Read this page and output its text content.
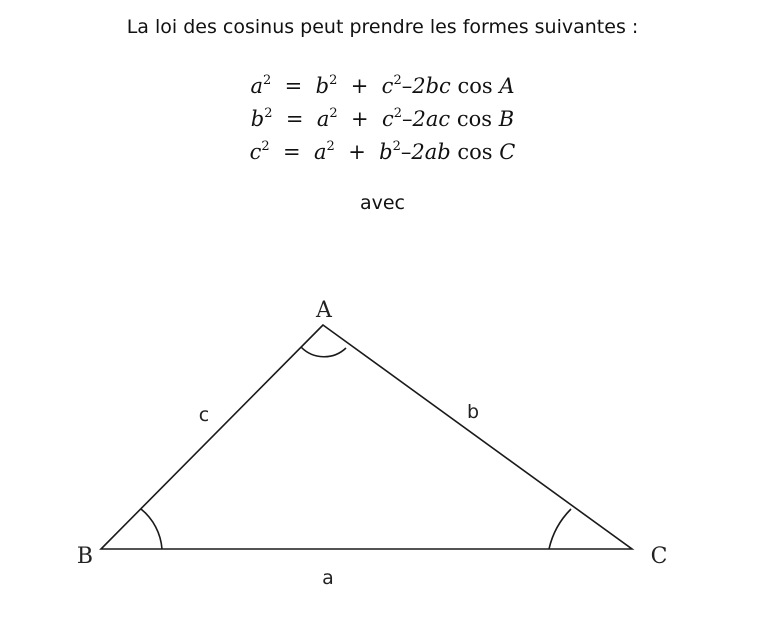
La loi des cosinus peut prendre les formes suivantes :

$a^2 = b^2 + c^2-2bc$ cos A
$b^2 = a^2 + c^2-2ac$ cos B
$c^2 = a^2 + b^2-2ab$ cos C
avec
A
B	C
c	b
a
